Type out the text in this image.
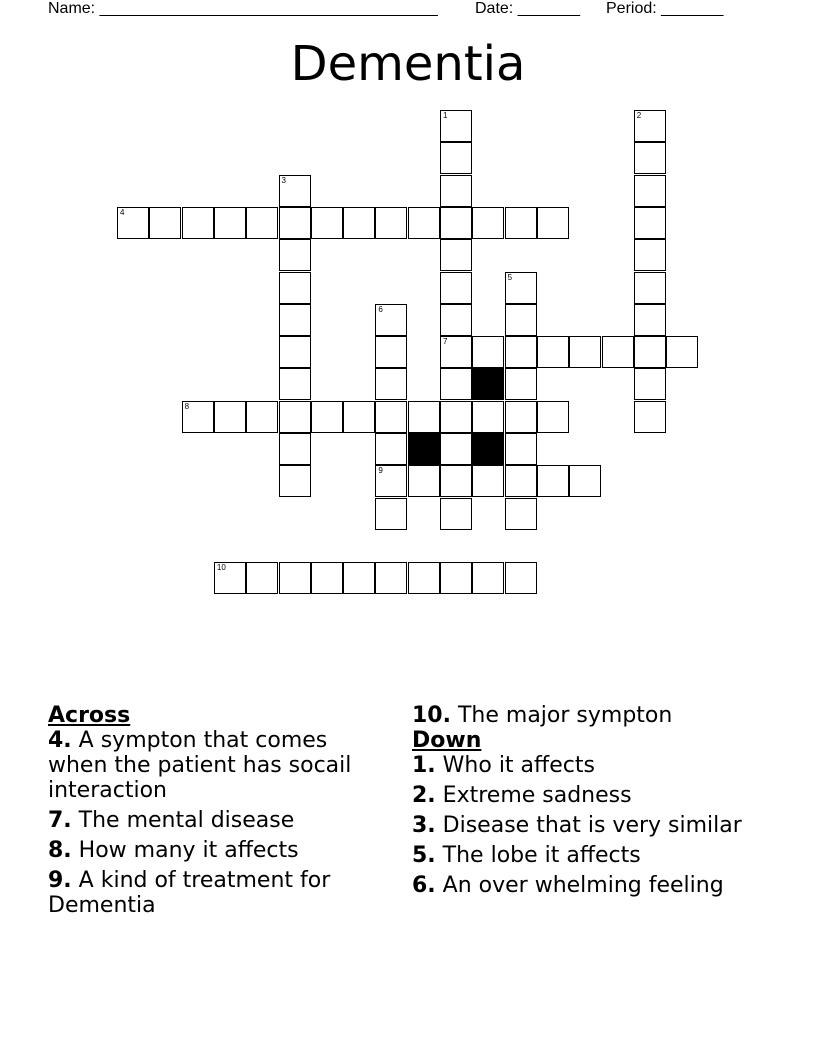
Name: ______________________________________ Date: _______ Period: _______
Dementia
4
7
8
9
10
1	2
3
5
6

Across

4. A sympton that comes when the patient has socail interaction

7. The mental disease

8. How many it affects

9. A kind of treatment for Dementia

10. The major sympton

Down

1. Who it affects

2. Extreme sadness

3. Disease that is very similar

5. The lobe it affects

6. An over whelming feeling
